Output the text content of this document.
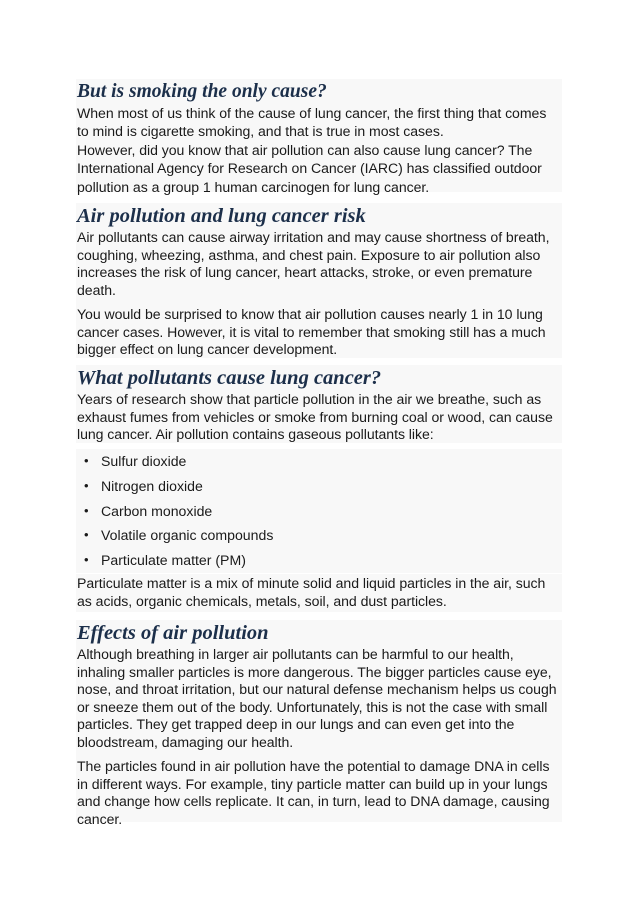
But is smoking the only cause?

When most of us think of the cause of lung cancer, the first thing that comes
to mind is cigarette smoking, and that is true in most cases.
However, did you know that air pollution can also cause lung cancer? The
International Agency for Research on Cancer (IARC) has classified outdoor
pollution as a group 1 human carcinogen for lung cancer.

Air pollution and lung cancer risk

Air pollutants can cause airway irritation and may cause shortness of breath,
coughing, wheezing, asthma, and chest pain. Exposure to air pollution also
increases the risk of lung cancer, heart attacks, stroke, or even premature
death.

You would be surprised to know that air pollution causes nearly 1 in 10 lung
cancer cases. However, it is vital to remember that smoking still has a much
bigger effect on lung cancer development.

What pollutants cause lung cancer?

Years of research show that particle pollution in the air we breathe, such as
exhaust fumes from vehicles or smoke from burning coal or wood, can cause
lung cancer. Air pollution contains gaseous pollutants like:

• Sulfur dioxide
• Nitrogen dioxide
• Carbon monoxide
• Volatile organic compounds
• Particulate matter (PM)

Particulate matter is a mix of minute solid and liquid particles in the air, such
as acids, organic chemicals, metals, soil, and dust particles.

Effects of air pollution

Although breathing in larger air pollutants can be harmful to our health,
inhaling smaller particles is more dangerous. The bigger particles cause eye,
nose, and throat irritation, but our natural defense mechanism helps us cough
or sneeze them out of the body. Unfortunately, this is not the case with small
particles. They get trapped deep in our lungs and can even get into the
bloodstream, damaging our health.

The particles found in air pollution have the potential to damage DNA in cells
in different ways. For example, tiny particle matter can build up in your lungs
and change how cells replicate. It can, in turn, lead to DNA damage, causing
cancer.
